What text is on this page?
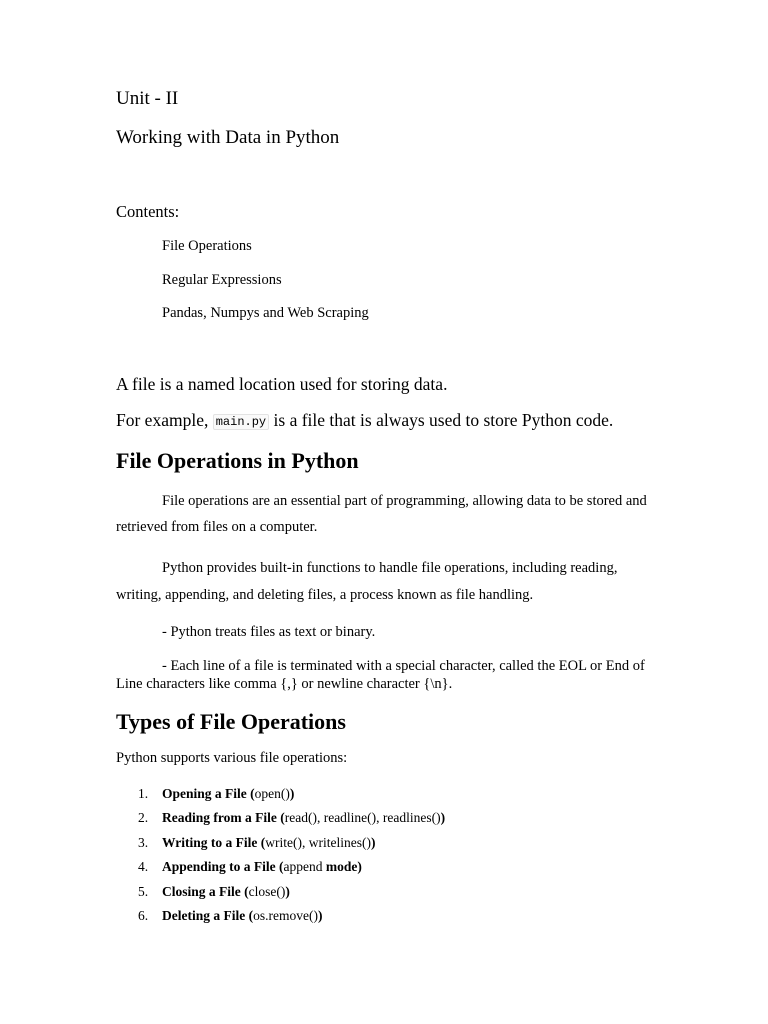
Unit - II
Working with Data in Python
Contents:
File Operations
Regular Expressions
Pandas, Numpys and Web Scraping
A file is a named location used for storing data.
For example, main.py is a file that is always used to store Python code.
File Operations in Python
File operations are an essential part of programming, allowing data to be stored and retrieved from files on a computer.
Python provides built-in functions to handle file operations, including reading, writing, appending, and deleting files, a process known as file handling.
- Python treats files as text or binary.
- Each line of a file is terminated with a special character, called the EOL or End of Line characters like comma {,} or newline character {\n}.
Types of File Operations
Python supports various file operations:
1. Opening a File (open())
2. Reading from a File (read(), readline(), readlines())
3. Writing to a File (write(), writelines())
4. Appending to a File (append mode)
5. Closing a File (close())
6. Deleting a File (os.remove())
